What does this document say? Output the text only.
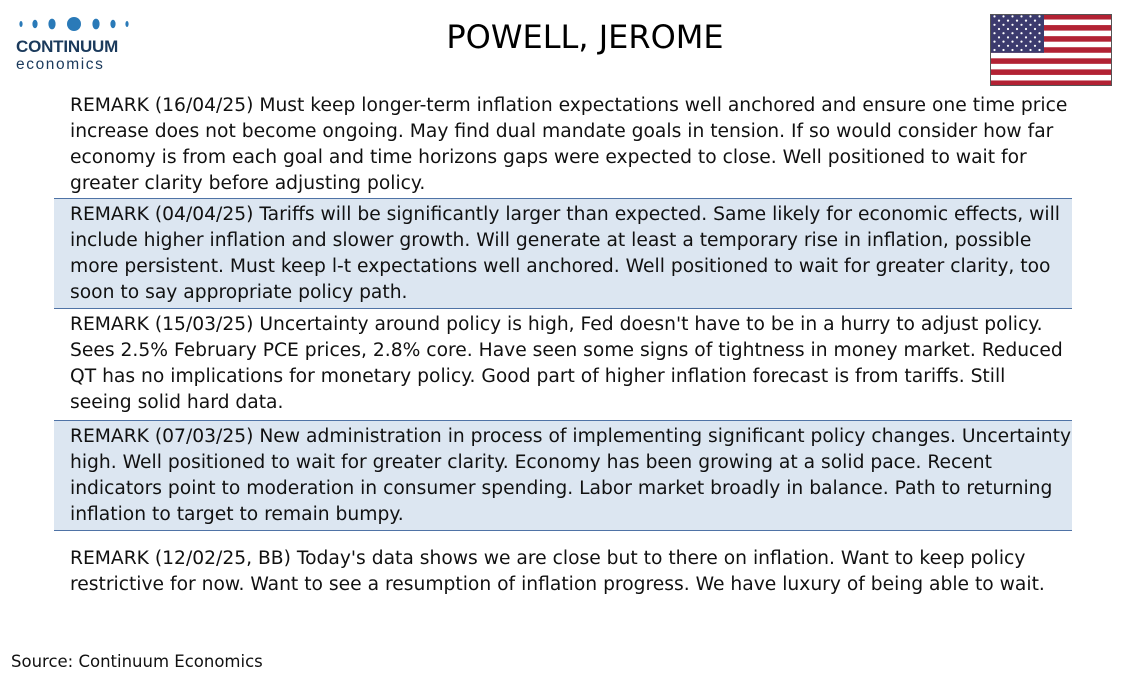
CONTINUUM
economics
POWELL, JEROME
REMARK (16/04/25) Must keep longer-term inflation expectations well anchored and ensure one time price increase does not become ongoing. May find dual mandate goals in tension. If so would consider how far economy is from each goal and time horizons gaps were expected to close. Well positioned to wait for greater clarity before adjusting policy.
REMARK (04/04/25) Tariffs will be significantly larger than expected. Same likely for economic effects, will include higher inflation and slower growth. Will generate at least a temporary rise in inflation, possible more persistent. Must keep l-t expectations well anchored. Well positioned to wait for greater clarity, too soon to say appropriate policy path.
REMARK (15/03/25) Uncertainty around policy is high, Fed doesn't have to be in a hurry to adjust policy. Sees 2.5% February PCE prices, 2.8% core. Have seen some signs of tightness in money market. Reduced QT has no implications for monetary policy. Good part of higher inflation forecast is from tariffs. Still seeing solid hard data.
REMARK (07/03/25) New administration in process of implementing significant policy changes. Uncertainty high. Well positioned to wait for greater clarity. Economy has been growing at a solid pace. Recent indicators point to moderation in consumer spending. Labor market broadly in balance. Path to returning inflation to target to remain bumpy.
REMARK (12/02/25, BB) Today's data shows we are close but to there on inflation. Want to keep policy restrictive for now. Want to see a resumption of inflation progress. We have luxury of being able to wait.
Source: Continuum Economics
